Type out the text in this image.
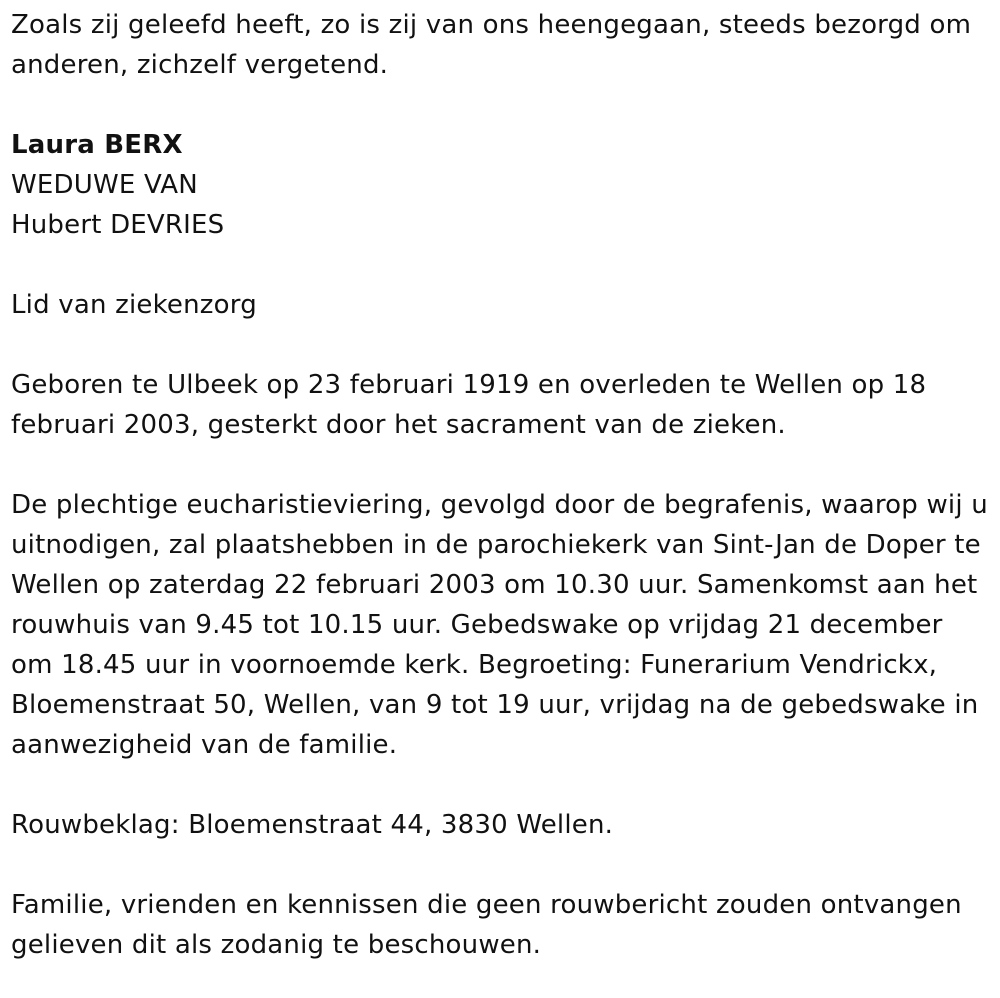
Zoals zij geleefd heeft, zo is zij van ons heengegaan, steeds bezorgd om anderen, zichzelf vergetend.

Laura BERX

WEDUWE VAN

Hubert DEVRIES

Lid van ziekenzorg

Geboren te Ulbeek op 23 februari 1919 en overleden te Wellen op 18 februari 2003, gesterkt door het sacrament van de zieken.

De plechtige eucharistieviering, gevolgd door de begrafenis, waarop wij u uitnodigen, zal plaatshebben in de parochiekerk van Sint-Jan de Doper te Wellen op zaterdag 22 februari 2003 om 10.30 uur. Samenkomst aan het rouwhuis van 9.45 tot 10.15 uur. Gebedswake op vrijdag 21 december om 18.45 uur in voornoemde kerk. Begroeting: Funerarium Vendrickx, Bloemenstraat 50, Wellen, van 9 tot 19 uur, vrijdag na de gebedswake in aanwezigheid van de familie.

Rouwbeklag: Bloemenstraat 44, 3830 Wellen.

Familie, vrienden en kennissen die geen rouwbericht zouden ontvangen gelieven dit als zodanig te beschouwen.
